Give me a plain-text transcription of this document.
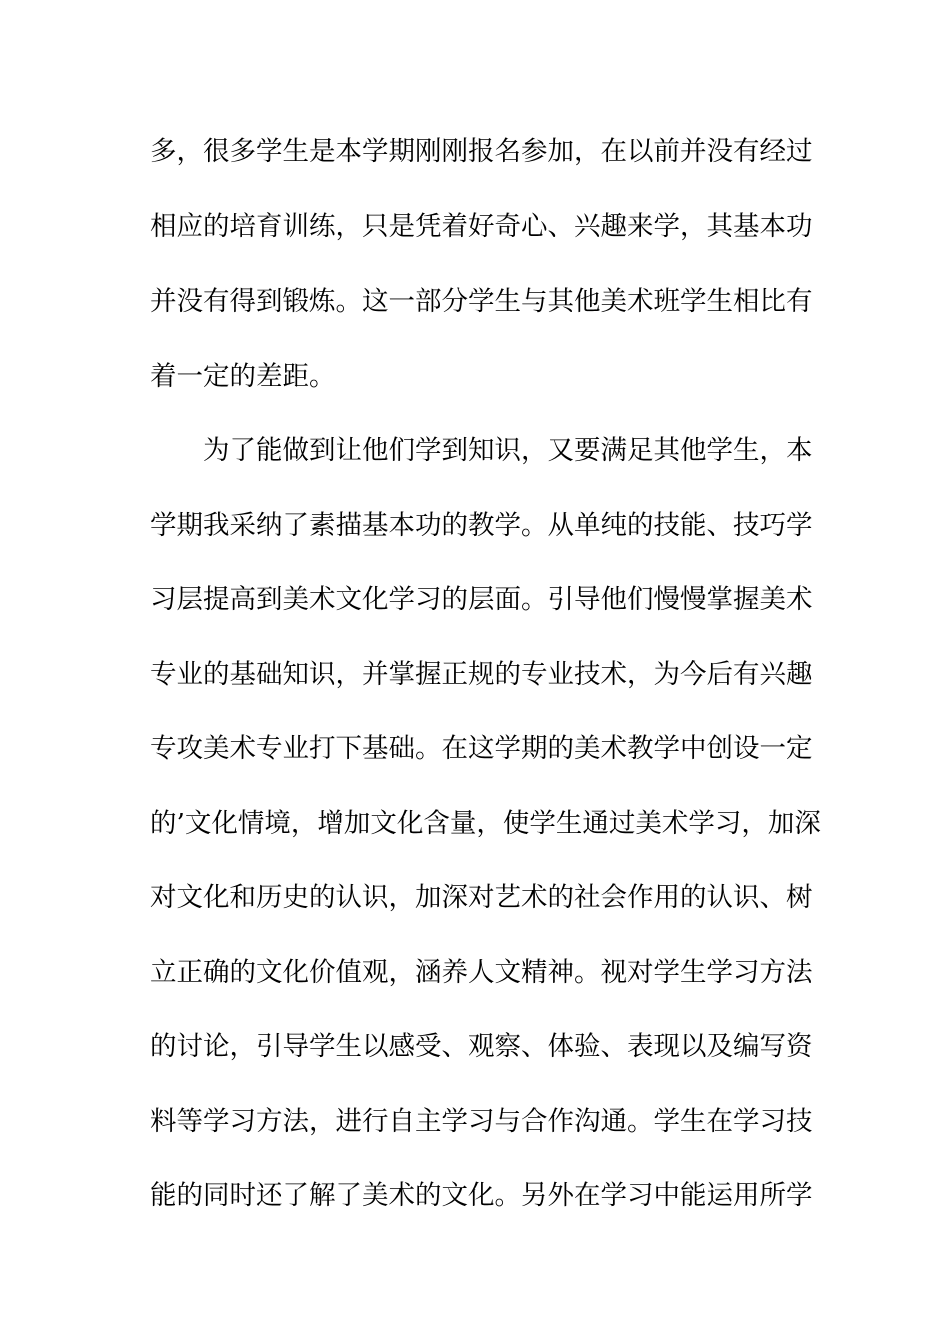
多，很多学生是本学期刚刚报名参加，在以前并没有经过
相应的培育训练，只是凭着好奇心、兴趣来学，其基本功
并没有得到锻炼。这一部分学生与其他美术班学生相比有
着一定的差距。
为了能做到让他们学到知识，又要满足其他学生，本
学期我采纳了素描基本功的教学。从单纯的技能、技巧学
习层提高到美术文化学习的层面。引导他们慢慢掌握美术
专业的基础知识，并掌握正规的专业技术，为今后有兴趣
专攻美术专业打下基础。在这学期的美术教学中创设一定
的’文化情境，增加文化含量，使学生通过美术学习，加深
对文化和历史的认识，加深对艺术的社会作用的认识、树
立正确的文化价值观，涵养人文精神。视对学生学习方法
的讨论，引导学生以感受、观察、体验、表现以及编写资
料等学习方法，进行自主学习与合作沟通。学生在学习技
能的同时还了解了美术的文化。另外在学习中能运用所学
